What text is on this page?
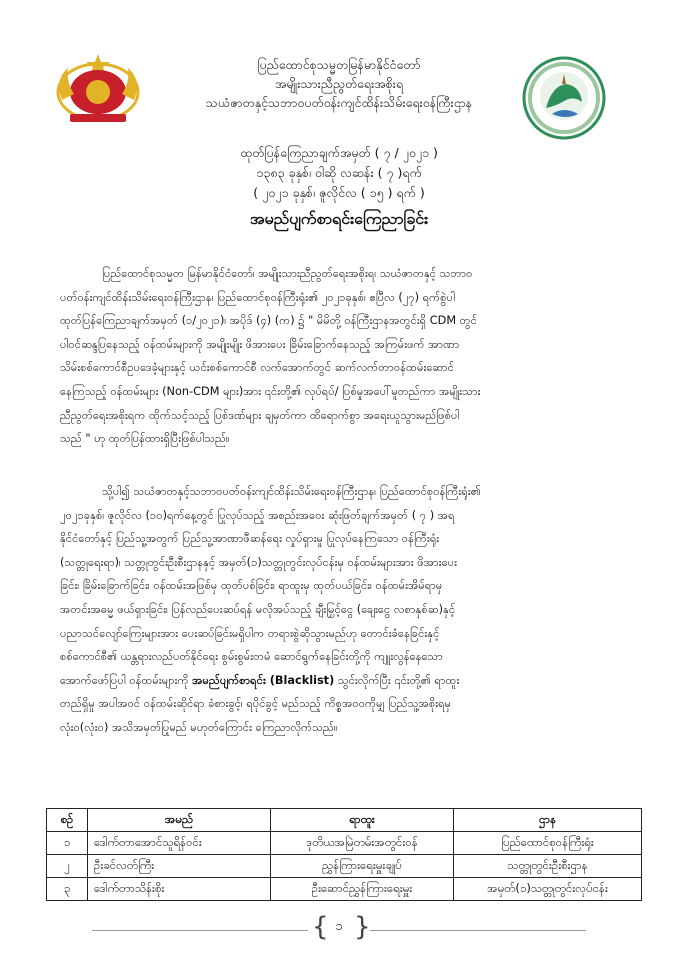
ပြည်ထောင်စုသမ္မတမြန်မာနိုင်ငံတော်
အမျိုးသားညီညွတ်ရေးအစိုးရ
သယံဇာတနှင့်သဘာဝပတ်ဝန်းကျင်ထိန်းသိမ်းရေးဝန်ကြီးဌာန
ထုတ်ပြန်ကြေညာချက်အမှတ် ( ၇ / ၂၀၂၁ )
၁၃၈၃ ခုနှစ်၊ ဝါဆို လဆန်း ( ၇ )ရက်
( ၂၀၂၁ ခုနှစ်၊ ဇူလိုင်လ ( ၁၅ ) ရက် )
အမည်ပျက်စာရင်းကြေညာခြင်း
ပြည်ထောင်စုသမ္မတ မြန်မာနိုင်ငံတော်၊ အမျိုးသားညီညွတ်ရေးအစိုးရ၊ သယံဇာတနှင့် သဘာဝ
ပတ်ဝန်းကျင်ထိန်းသိမ်းရေးဝန်ကြီးဌာန၊ ပြည်ထောင်စုဝန်ကြီးရုံး၏ ၂၀၂၁ခုနှစ်၊ ဧပြီလ (၂၇) ရက်စွဲပါ
ထုတ်ပြန်ကြေညာချက်အမှတ် (၁/၂၀၂၁)၊ အပိုဒ် (၄) (က) ၌ " မိမိတို့ ဝန်ကြီးဌာနအတွင်းရှိ CDM တွင်
ပါဝင်ဆန္ဒပြနေသည့် ဝန်ထမ်းများကို အမျိုးမျိုး ဖိအားပေး ခြိမ်းခြောက်နေသည့် အကြမ်းဖက် အာဏာ
သိမ်းစစ်ကောင်စီဥပဒေခံ့များနှင့် ယင်းစစ်ကောင်စီ လက်အောက်တွင် ဆက်လက်တာဝန်ထမ်းဆောင်
နေကြသည့် ဝန်ထမ်းများ (Non-CDM များ)အား ၎င်းတို့၏ လုပ်ရပ်/ ပြစ်မှုအပေါ်မူတည်ကာ အမျိုးသား
ညီညွတ်ရေးအစိုးရက ထိုက်သင့်သည့် ပြစ်ဒဏ်များ ချမှတ်ကာ ထိရောက်စွာ အရေးယူသွားမည်ဖြစ်ပါ
သည် " ဟု ထုတ်ပြန်ထားရှိပြီးဖြစ်ပါသည်။
သို့ပါ၍ သယံဇာတနှင့်သဘာဝပတ်ဝန်းကျင်ထိန်းသိမ်းရေးဝန်ကြီးဌာန၊ ပြည်ထောင်စုဝန်ကြီးရုံး၏
၂၀၂၁ခုနှစ်၊ ဇူလိုင်လ (၁၀)ရက်နေ့တွင် ပြုလုပ်သည့် အစည်းအဝေး ဆုံးဖြတ်ချက်အမှတ် ( ၇ ) အရ
နိုင်ငံတော်နှင့် ပြည်သူ့အတွက် ပြည်သူ့အာဏာဖီဆန်ရေး လှုပ်ရှားမှု ပြုလုပ်နေကြသော ဝန်ကြီးရုံး
(သတ္တုရေးရာ)၊ သတ္တုတွင်းဦးစီးဌာနနှင့် အမှတ်(၁)သတ္တုတွင်းလုပ်ငန်းမှ ဝန်ထမ်းများအား ဖိအားပေး
ခြင်း၊ ခြိမ်းခြောက်ခြင်း၊ ဝန်ထမ်းအဖြစ်မှ ထုတ်ပစ်ခြင်း၊ ရာထူးမှ ထုတ်ပယ်ခြင်း၊ ဝန်ထမ်းအိမ်ရာမှ
အတင်းအဓမ္မ ဖယ်ရှားခြင်း၊ ပြန်လည်ပေးဆပ်ရန် မလိုအပ်သည့် ချီးမြှင့်ငွေ (ချေးငွေ လစာနှစ်ဆ)နှင့်
ပညာသင်လျော်ကြေးများအား ပေးဆပ်ခြင်းမရှိပါက တရားစွဲဆိုသွားမည်ဟု တောင်းခံနေခြင်းနှင့်
စစ်ကောင်စီ၏ ယန္တရားလည်ပတ်နိုင်ရေး စွမ်းစွမ်းတမံ ဆောင်ရွက်နေခြင်းတို့ကို ကျူးလွန်နေသော
အောက်ဖော်ပြပါ ဝန်ထမ်းများကို အမည်ပျက်စာရင်း (Blacklist) သွင်းလိုက်ပြီး ၎င်းတို့၏ ရာထူး
တည်ရှိမှု အပါအဝင် ဝန်ထမ်းဆိုင်ရာ ခံစားခွင့်၊ ရပိုင်ခွင့် မည်သည့် ကိစ္စအဝဝကိုမျှ ပြည်သူ့အစိုးရမှ
လုံးဝ(လုံးဝ) အသိအမှတ်ပြုမည် မဟုတ်ကြောင်း ကြေညာလိုက်သည်။
စဉ်	အမည်	ရာထူး	ဌာန
၁	ဒေါက်တာအောင်သူရိန်ဝင်း	ဒုတိယအမြဲတမ်းအတွင်းဝန်	ပြည်ထောင်စုဝန်ကြီးရုံး
၂	ဦးခင်လတ်ကြီး	ညွှန်ကြားရေးမှူးချုပ်	သတ္တုတွင်းဦးစီးဌာန
၃	ဒေါက်တာသိန်းစိုး	ဦးဆောင်ညွှန်ကြားရေးမှူး	အမှတ်(၁)သတ္တုတွင်းလုပ်ငန်း
{ }
၁
